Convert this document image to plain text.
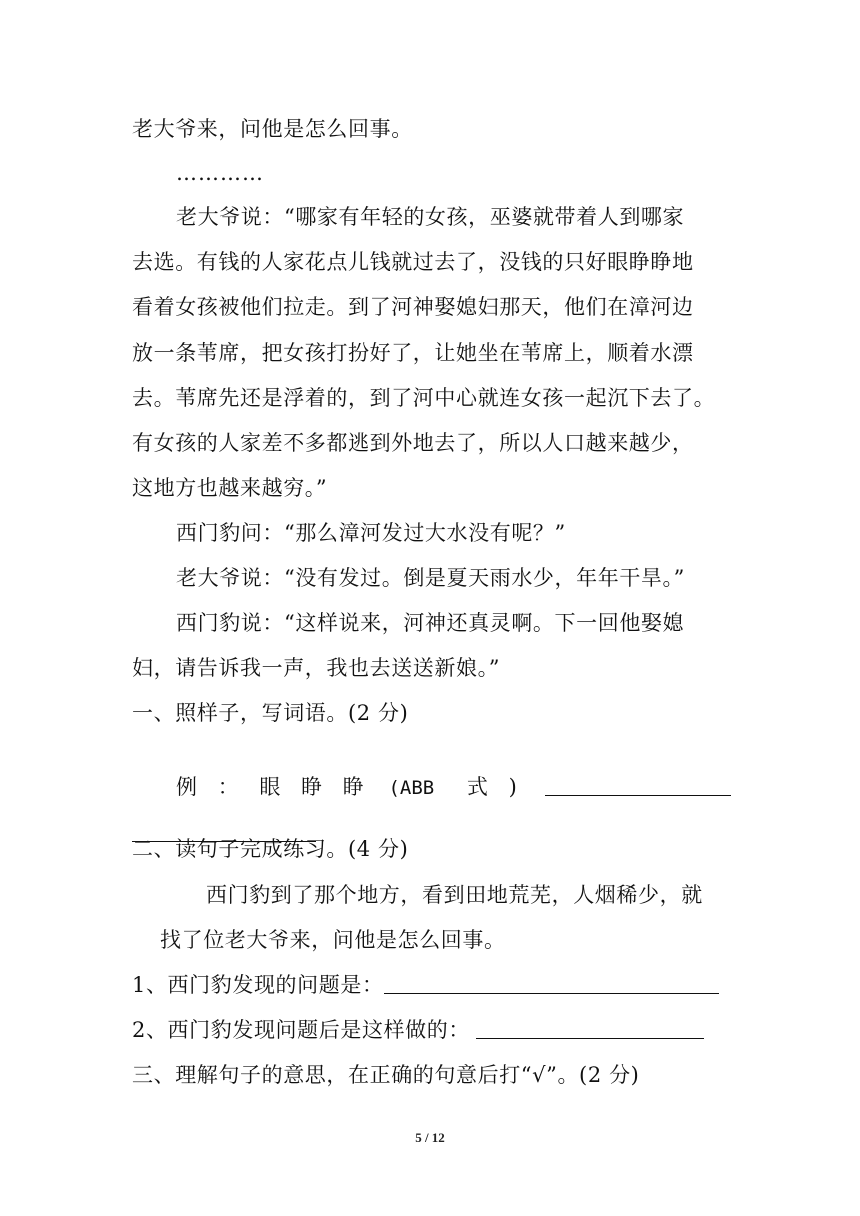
老大爷来，问他是怎么回事。
…………
老大爷说：“哪家有年轻的女孩，巫婆就带着人到哪家
去选。有钱的人家花点儿钱就过去了，没钱的只好眼睁睁地
看着女孩被他们拉走。到了河神娶媳妇那天，他们在漳河边
放一条苇席，把女孩打扮好了，让她坐在苇席上，顺着水漂
去。苇席先还是浮着的，到了河中心就连女孩一起沉下去了。
有女孩的人家差不多都逃到外地去了，所以人口越来越少，
这地方也越来越穷。”
西门豹问：“那么漳河发过大水没有呢？”
老大爷说：“没有发过。倒是夏天雨水少，年年干旱。”
西门豹说：“这样说来，河神还真灵啊。下一回他娶媳
妇，请告诉我一声，我也去送送新娘。”
一、照样子，写词语。(2 分)
例 ： 眼 睁 睁 (ABB 式 )
二、读句子完成练习。(4 分)
西门豹到了那个地方，看到田地荒芜，人烟稀少，就
找了位老大爷来，问他是怎么回事。
1、西门豹发现的问题是：
2、西门豹发现问题后是这样做的：
三、理解句子的意思，在正确的句意后打“√”。(2 分)
5 / 12
